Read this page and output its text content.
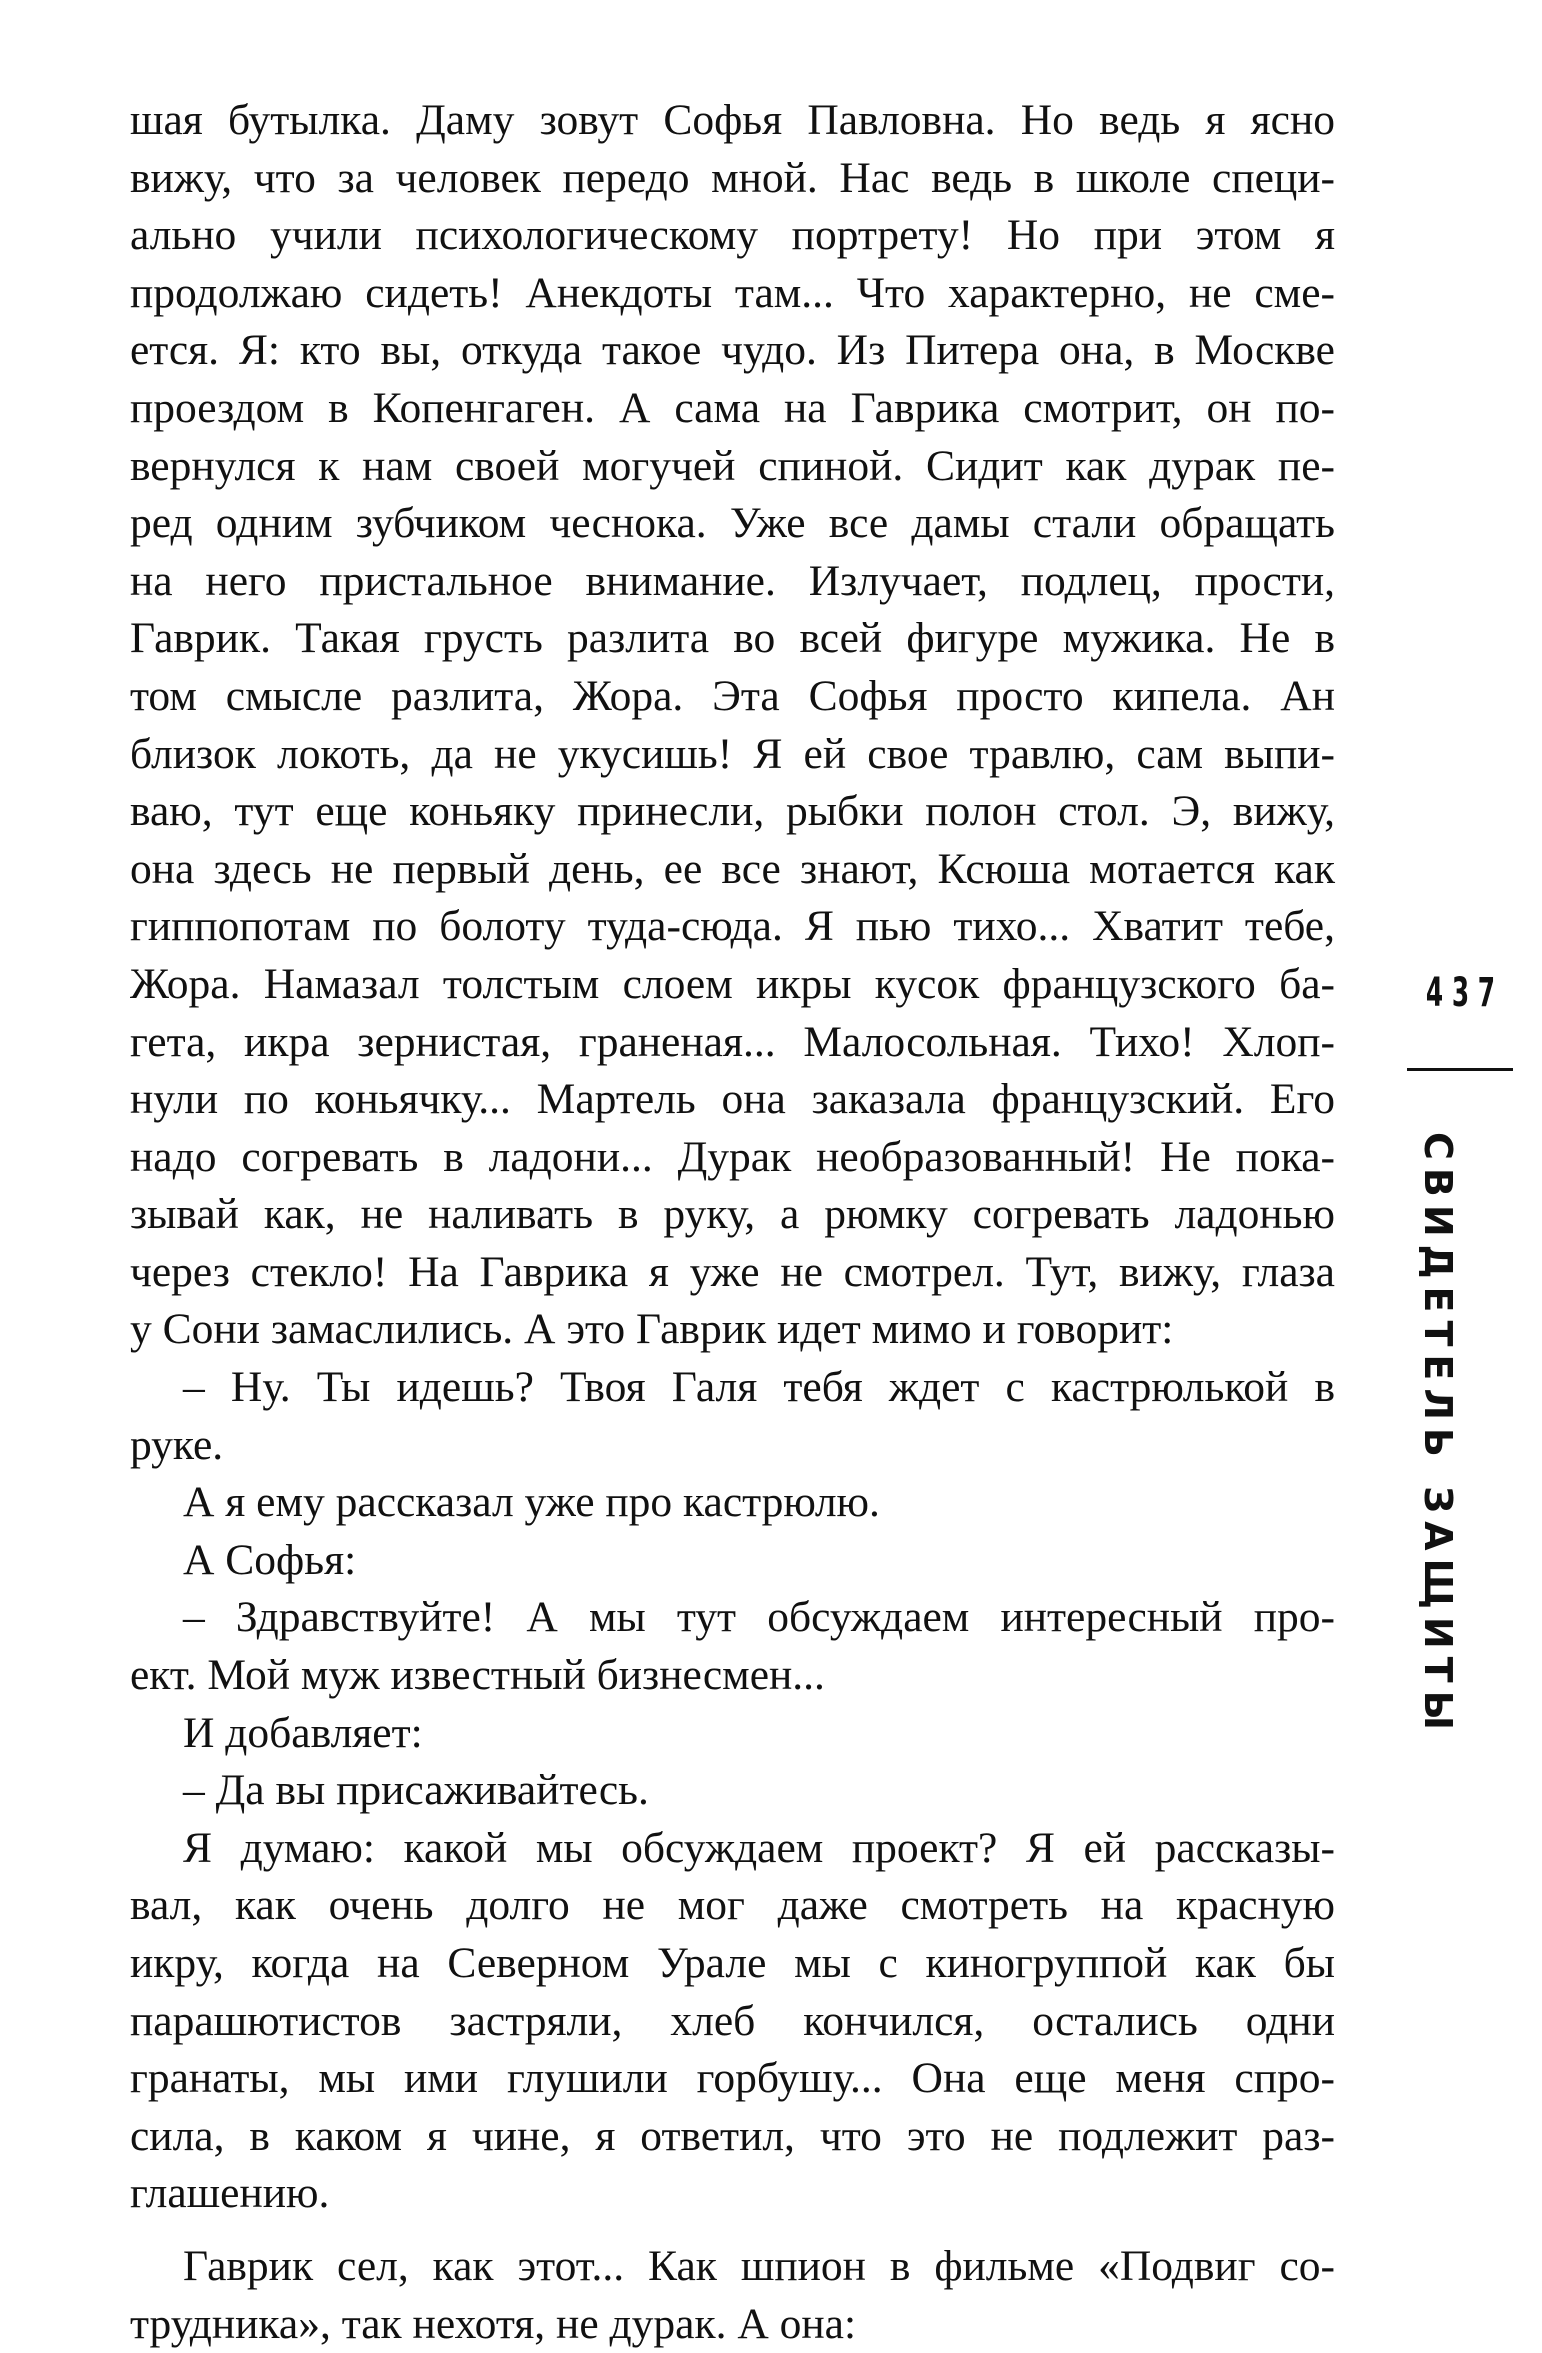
шая бутылка. Даму зовут Софья Павловна. Но ведь я ясно
вижу, что за человек передо мной. Нас ведь в школе специ-
ально учили психологическому портрету! Но при этом я
продолжаю сидеть! Анекдоты там... Что характерно, не сме-
ется. Я: кто вы, откуда такое чудо. Из Питера она, в Москве
проездом в Копенгаген. А сама на Гаврика смотрит, он по-
вернулся к нам своей могучей спиной. Сидит как дурак пе-
ред одним зубчиком чеснока. Уже все дамы стали обращать
на него пристальное внимание. Излучает, подлец, прости,
Гаврик. Такая грусть разлита во всей фигуре мужика. Не в
том смысле разлита, Жора. Эта Софья просто кипела. Ан
близок локоть, да не укусишь! Я ей свое травлю, сам выпи-
ваю, тут еще коньяку принесли, рыбки полон стол. Э, вижу,
она здесь не первый день, ее все знают, Ксюша мотается как
гиппопотам по болоту туда-сюда. Я пью тихо... Хватит тебе,
Жора. Намазал толстым слоем икры кусок французского ба-
гета, икра зернистая, граненая... Малосольная. Тихо! Хлоп-
нули по коньячку... Мартель она заказала французский. Его
надо согревать в ладони... Дурак необразованный! Не пока-
зывай как, не наливать в руку, а рюмку согревать ладонью
через стекло! На Гаврика я уже не смотрел. Тут, вижу, глаза
у Сони замаслились. А это Гаврик идет мимо и говорит:
– Ну. Ты идешь? Твоя Галя тебя ждет с кастрюлькой в
руке.
А я ему рассказал уже про кастрюлю.
А Софья:
– Здравствуйте! А мы тут обсуждаем интересный про-
ект. Мой муж известный бизнесмен...
И добавляет:
– Да вы присаживайтесь.
Я думаю: какой мы обсуждаем проект? Я ей рассказы-
вал, как очень долго не мог даже смотреть на красную
икру, когда на Северном Урале мы с киногруппой как бы
парашютистов застряли, хлеб кончился, остались одни
гранаты, мы ими глушили горбушу... Она еще меня спро-
сила, в каком я чине, я ответил, что это не подлежит раз-
глашению.
Гаврик сел, как этот... Как шпион в фильме «Подвиг со-
трудника», так нехотя, не дурак. А она:
437
СВИДЕТЕЛЬ ЗАЩИТЫ
